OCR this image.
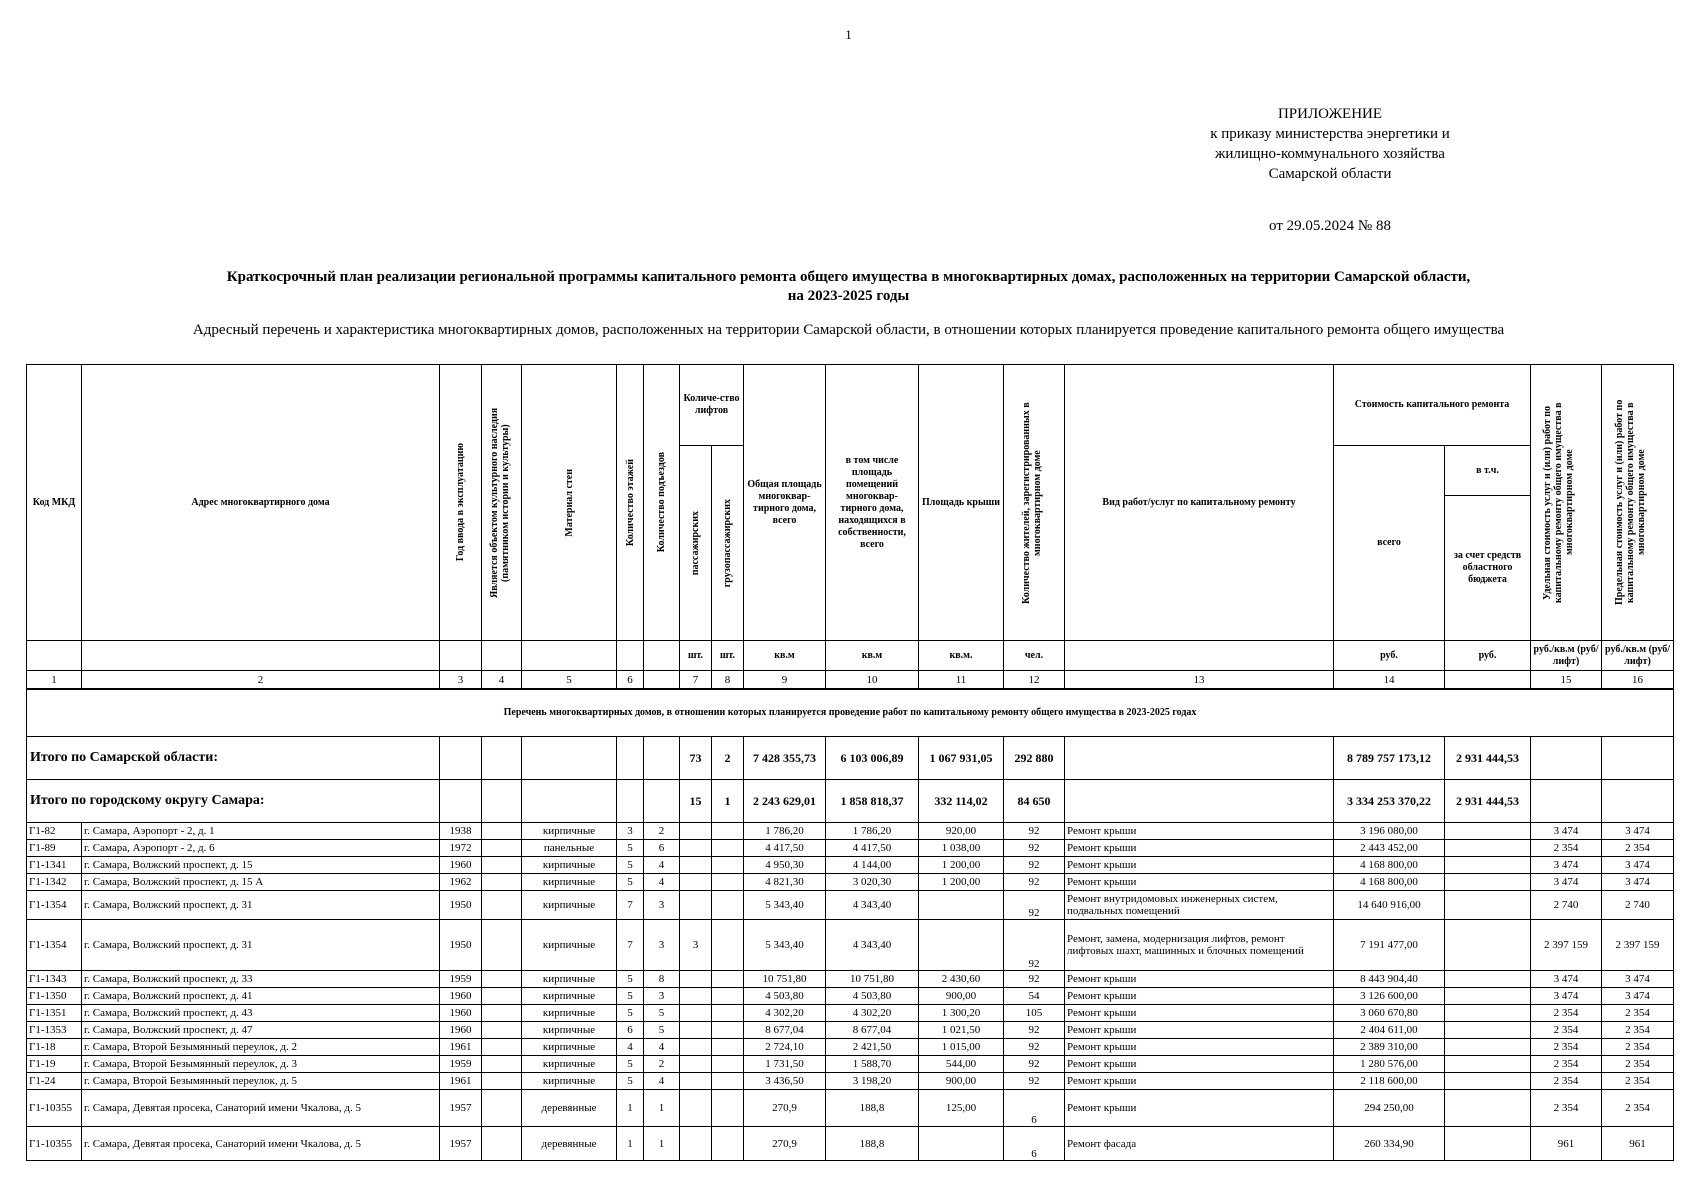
1
ПРИЛОЖЕНИЕ
к приказу министерства энергетики и
жилищно-коммунального хозяйства
Самарской области
от 29.05.2024 № 88
Краткосрочный план реализации региональной программы капитального ремонта общего имущества в многоквартирных домах, расположенных на территории Самарской области,
на 2023-2025 годы
Адресный перечень и характеристика многоквартирных домов, расположенных на территории Самарской области, в отношении которых планируется проведение капитального ремонта общего имущества
Код МКД	Адрес многоквартирного дома	Год ввода в эксплуатацию	Является объектом культурного наследия (памятником истории и культуры)	Материал стен	Количество этажей	Количество подъездов	Количе-ство лифтов		Общая площадь многоквар-тирного дома, всего	в том числе площадь помещений многоквар-тирного дома, находящихся в собственности, всего	Площадь крыши	Количество жителей, зарегистрированных в многоквартирном доме	Вид работ/услуг по капитальному ремонту	Стоимость капитального ремонта		Удельная стоимость услуг и (или) работ по капитальному ремонту общего имущества в многоквартирном доме	Предельная стоимость услуг и (или) работ по капитальному ремонту общего имущества в многоквартирном доме

							пассажирских	грузопассажирских						всего	в т.ч.		
															за счет средств областного бюджета		
							шт.	шт.	кв.м	кв.м	кв.м.	чел.		руб.	руб.	руб./кв.м (руб/лифт)	руб./кв.м (руб/лифт)
1	2	3	4	5	6		7	8	9	10	11	12	13	14		15	16
Перечень многоквартирных домов, в отношении которых планируется проведение работ по капитальному ремонту общего имущества в 2023-2025 годах																	
Итого по Самарской области:							73	2	7 428 355,73	6 103 006,89	1 067 931,05	292 880		8 789 757 173,12	2 931 444,53		
Итого по городскому округу Самара:							15	1	2 243 629,01	1 858 818,37	332 114,02	84 650		3 334 253 370,22	2 931 444,53		
Г1-82	г. Самара, Аэропорт - 2, д. 1	1938		кирпичные	3	2			1 786,20	1 786,20	920,00	92	Ремонт крыши	3 196 080,00		3 474	3 474
Г1-89	г. Самара, Аэропорт - 2, д. 6	1972		панельные	5	6			4 417,50	4 417,50	1 038,00	92	Ремонт крыши	2 443 452,00		2 354	2 354
Г1-1341	г. Самара, Волжский проспект, д. 15	1960		кирпичные	5	4			4 950,30	4 144,00	1 200,00	92	Ремонт крыши	4 168 800,00		3 474	3 474
Г1-1342	г. Самара, Волжский проспект, д. 15 А	1962		кирпичные	5	4			4 821,30	3 020,30	1 200,00	92	Ремонт крыши	4 168 800,00		3 474	3 474
Г1-1354	г. Самара, Волжский проспект, д. 31	1950		кирпичные	7	3			5 343,40	4 343,40		92	Ремонт внутридомовых инженерных систем, подвальных помещений	14 640 916,00		2 740	2 740
Г1-1354	г. Самара, Волжский проспект, д. 31	1950		кирпичные	7	3	3		5 343,40	4 343,40		92	Ремонт, замена, модернизация лифтов, ремонт лифтовых шахт, машинных и блочных помещений	7 191 477,00		2 397 159	2 397 159
Г1-1343	г. Самара, Волжский проспект, д. 33	1959		кирпичные	5	8			10 751,80	10 751,80	2 430,60	92	Ремонт крыши	8 443 904,40		3 474	3 474
Г1-1350	г. Самара, Волжский проспект, д. 41	1960		кирпичные	5	3			4 503,80	4 503,80	900,00	54	Ремонт крыши	3 126 600,00		3 474	3 474
Г1-1351	г. Самара, Волжский проспект, д. 43	1960		кирпичные	5	5			4 302,20	4 302,20	1 300,20	105	Ремонт крыши	3 060 670,80		2 354	2 354
Г1-1353	г. Самара, Волжский проспект, д. 47	1960		кирпичные	6	5			8 677,04	8 677,04	1 021,50	92	Ремонт крыши	2 404 611,00		2 354	2 354
Г1-18	г. Самара, Второй Безымянный переулок, д. 2	1961		кирпичные	4	4			2 724,10	2 421,50	1 015,00	92	Ремонт крыши	2 389 310,00		2 354	2 354
Г1-19	г. Самара, Второй Безымянный переулок, д. 3	1959		кирпичные	5	2			1 731,50	1 588,70	544,00	92	Ремонт крыши	1 280 576,00		2 354	2 354
Г1-24	г. Самара, Второй Безымянный переулок, д. 5	1961		кирпичные	5	4			3 436,50	3 198,20	900,00	92	Ремонт крыши	2 118 600,00		2 354	2 354
Г1-10355	г. Самара, Девятая просека, Санаторий имени Чкалова, д. 5	1957		деревянные	1	1			270,9	188,8	125,00	6	Ремонт крыши	294 250,00		2 354	2 354
Г1-10355	г. Самара, Девятая просека, Санаторий имени Чкалова, д. 5	1957		деревянные	1	1			270,9	188,8		6	Ремонт фасада	260 334,90		961	961
